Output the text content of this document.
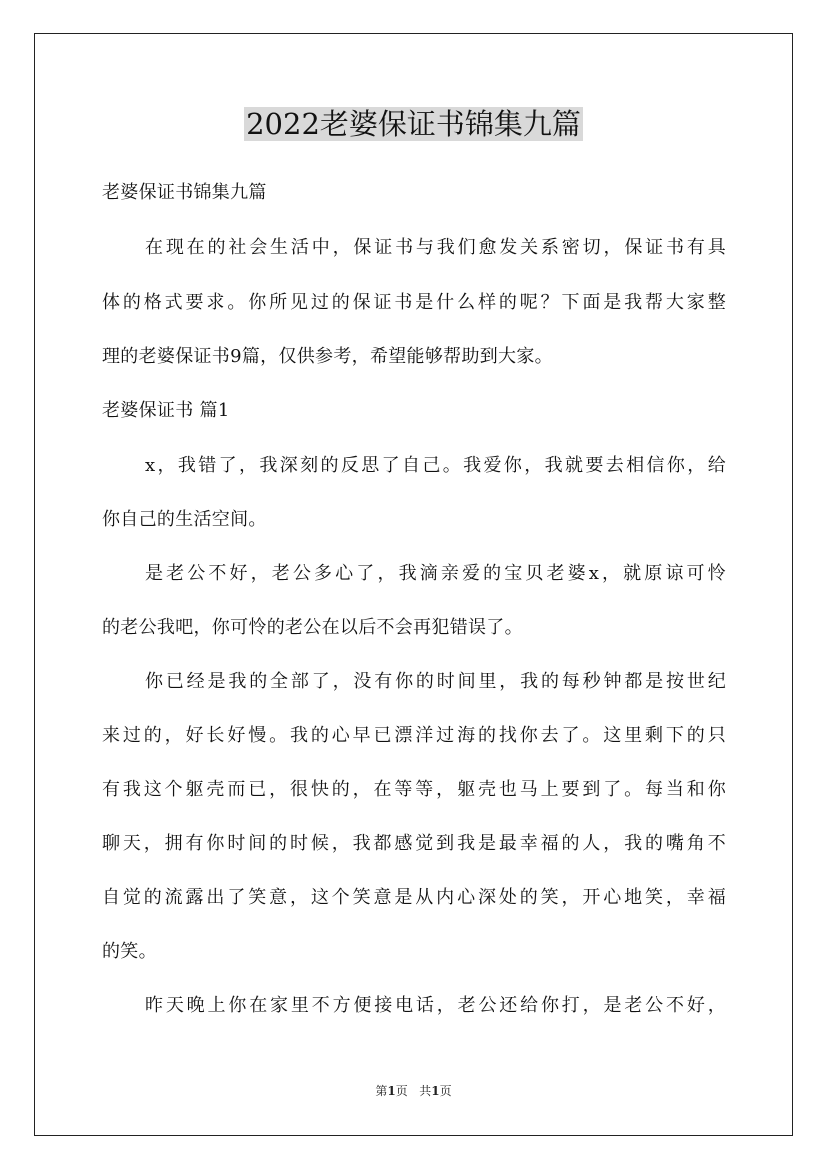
2022老婆保证书锦集九篇
老婆保证书锦集九篇
在现在的社会生活中，保证书与我们愈发关系密切，保证书有具
体的格式要求。你所见过的保证书是什么样的呢？下面是我帮大家整
理的老婆保证书9篇，仅供参考，希望能够帮助到大家。
老婆保证书 篇1
x，我错了，我深刻的反思了自己。我爱你，我就要去相信你，给
你自己的生活空间。
是老公不好，老公多心了，我滴亲爱的宝贝老婆x，就原谅可怜
的老公我吧，你可怜的老公在以后不会再犯错误了。
你已经是我的全部了，没有你的时间里，我的每秒钟都是按世纪
来过的，好长好慢。我的心早已漂洋过海的找你去了。这里剩下的只
有我这个躯壳而已，很快的，在等等，躯壳也马上要到了。每当和你
聊天，拥有你时间的时候，我都感觉到我是最幸福的人，我的嘴角不
自觉的流露出了笑意，这个笑意是从内心深处的笑，开心地笑，幸福
的笑。
昨天晚上你在家里不方便接电话，老公还给你打，是老公不好，
第1页 共1页
